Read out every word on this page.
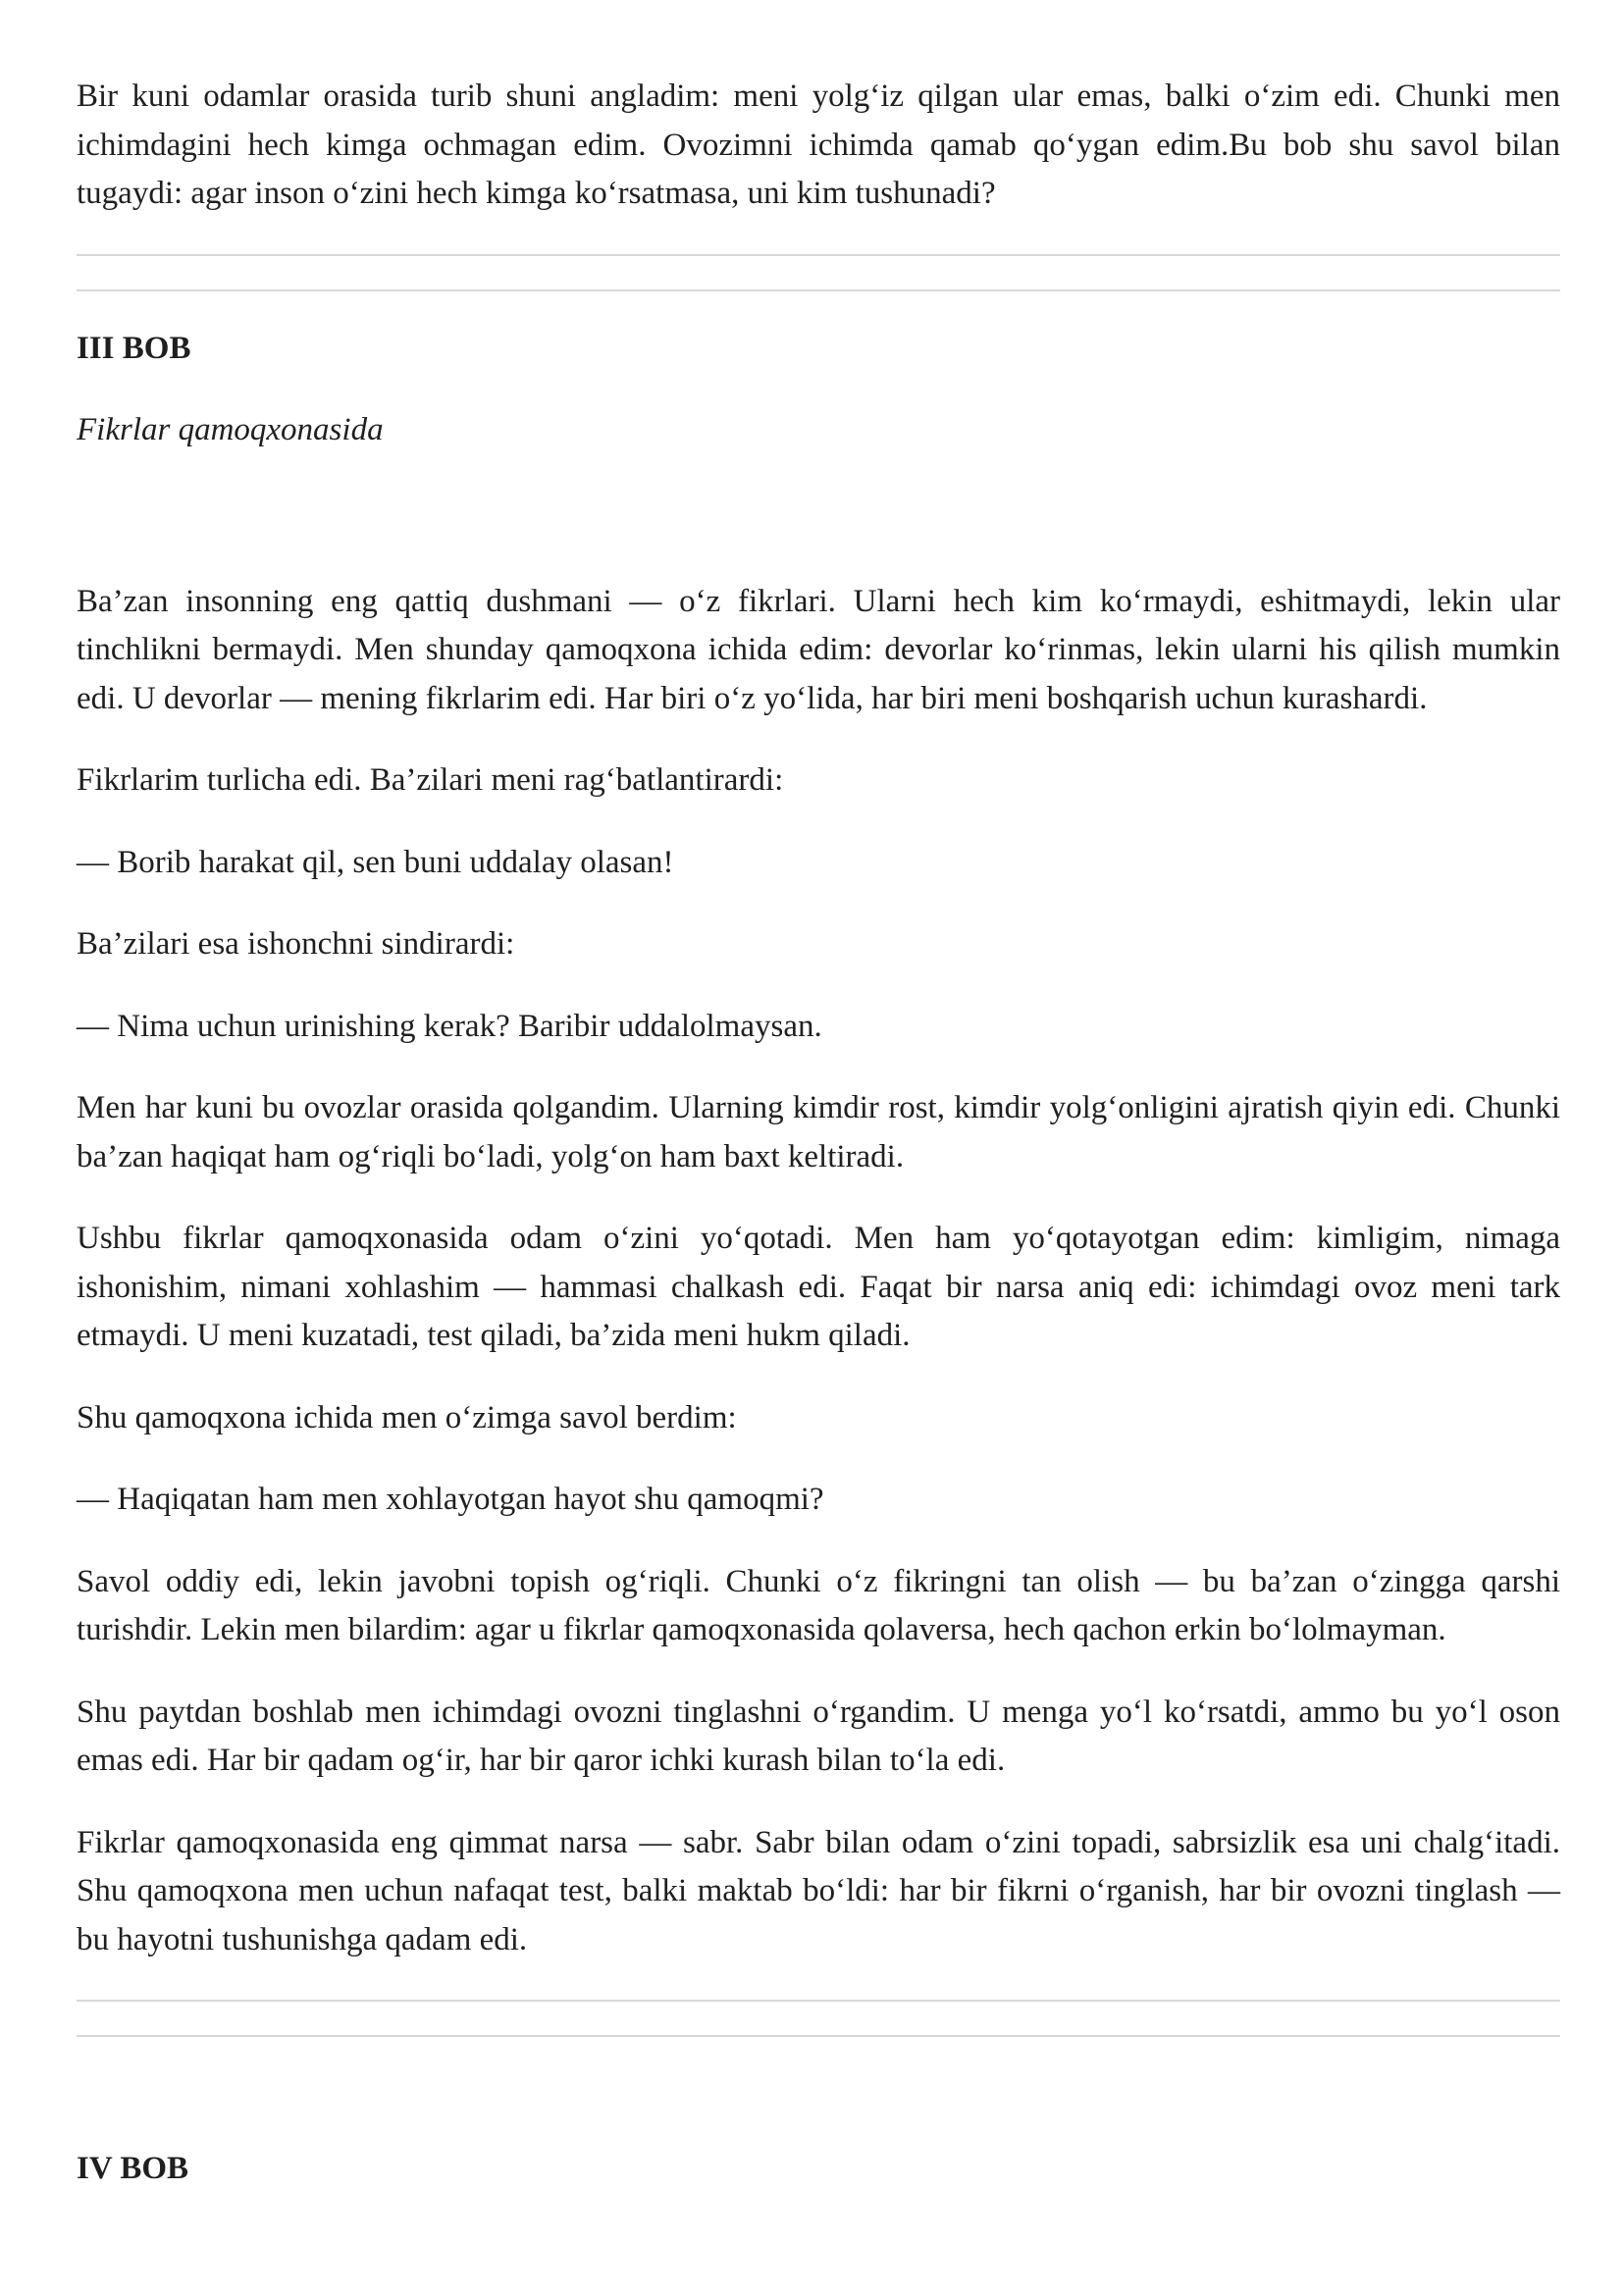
Bir kuni odamlar orasida turib shuni angladim: meni yolg‘iz qilgan ular emas, balki o‘zim edi. Chunki men ichimdagini hech kimga ochmagan edim. Ovozimni ichimda qamab qo‘ygan edim.Bu bob shu savol bilan tugaydi: agar inson o‘zini hech kimga ko‘rsatmasa, uni kim tushunadi?

III BOB
Fikrlar qamoqxonasida

Ba’zan insonning eng qattiq dushmani — o‘z fikrlari. Ularni hech kim ko‘rmaydi, eshitmaydi, lekin ular tinchlikni bermaydi. Men shunday qamoqxona ichida edim: devorlar ko‘rinmas, lekin ularni his qilish mumkin edi. U devorlar — mening fikrlarim edi. Har biri o‘z yo‘lida, har biri meni boshqarish uchun kurashardi.

Fikrlarim turlicha edi. Ba’zilari meni rag‘batlantirardi:

— Borib harakat qil, sen buni uddalay olasan!

Ba’zilari esa ishonchni sindirardi:

— Nima uchun urinishing kerak? Baribir uddalolmaysan.

Men har kuni bu ovozlar orasida qolgandim. Ularning kimdir rost, kimdir yolg‘onligini ajratish qiyin edi. Chunki ba’zan haqiqat ham og‘riqli bo‘ladi, yolg‘on ham baxt keltiradi.

Ushbu fikrlar qamoqxonasida odam o‘zini yo‘qotadi. Men ham yo‘qotayotgan edim: kimligim, nimaga ishonishim, nimani xohlashim — hammasi chalkash edi. Faqat bir narsa aniq edi: ichimdagi ovoz meni tark etmaydi. U meni kuzatadi, test qiladi, ba’zida meni hukm qiladi.

Shu qamoqxona ichida men o‘zimga savol berdim:

— Haqiqatan ham men xohlayotgan hayot shu qamoqmi?

Savol oddiy edi, lekin javobni topish og‘riqli. Chunki o‘z fikringni tan olish — bu ba’zan o‘zingga qarshi turishdir. Lekin men bilardim: agar u fikrlar qamoqxonasida qolaversa, hech qachon erkin bo‘lolmayman.

Shu paytdan boshlab men ichimdagi ovozni tinglashni o‘rgandim. U menga yo‘l ko‘rsatdi, ammo bu yo‘l oson emas edi. Har bir qadam og‘ir, har bir qaror ichki kurash bilan to‘la edi.

Fikrlar qamoqxonasida eng qimmat narsa — sabr. Sabr bilan odam o‘zini topadi, sabrsizlik esa uni chalg‘itadi. Shu qamoqxona men uchun nafaqat test, balki maktab bo‘ldi: har bir fikrni o‘rganish, har bir ovozni tinglash — bu hayotni tushunishga qadam edi.

IV BOB
